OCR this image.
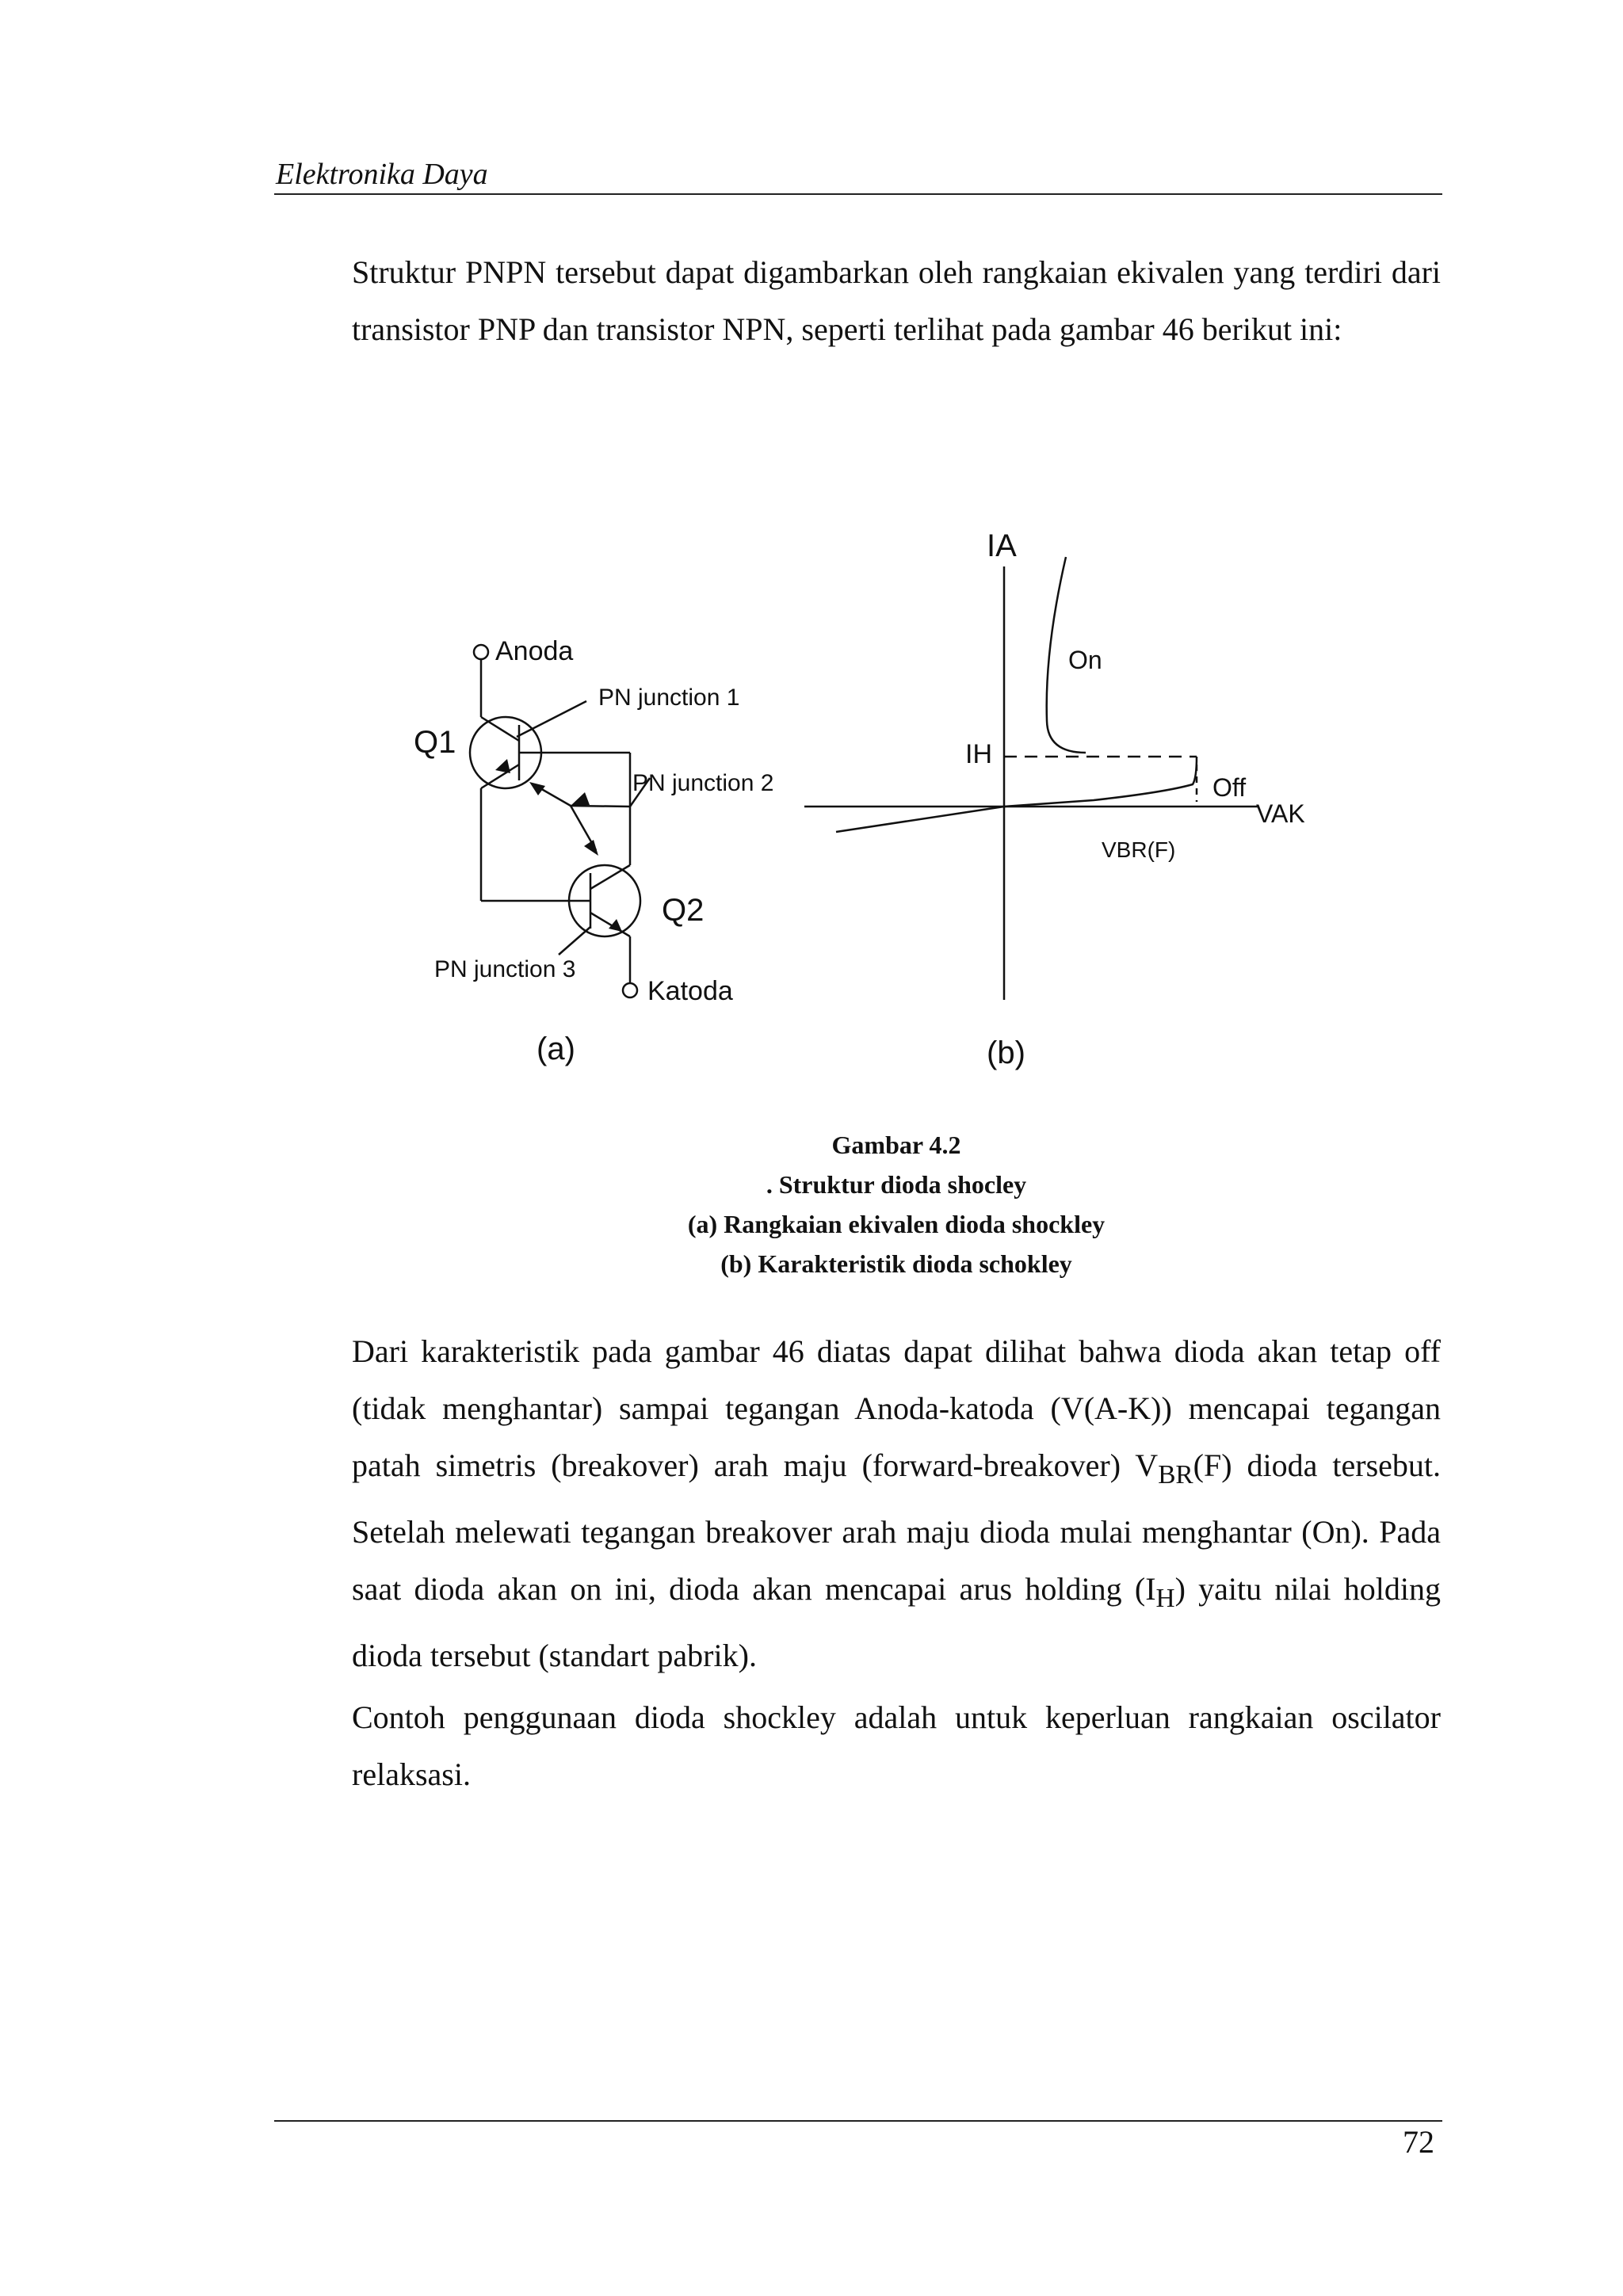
Elektronika Daya
Struktur PNPN tersebut dapat digambarkan oleh rangkaian ekivalen yang terdiri dari transistor PNP dan transistor NPN, seperti terlihat pada gambar 46 berikut ini:
Anoda
Q1
PN junction 1
PN junction 2
Q2
PN junction 3
Katoda
(a)
IA
On
IH
Off
VAK
VBR(F)
(b)
Gambar 4.2
. Struktur dioda shocley
(a) Rangkaian ekivalen dioda shockley
(b) Karakteristik dioda schokley
Dari karakteristik pada gambar 46 diatas dapat dilihat bahwa dioda akan tetap off (tidak menghantar) sampai tegangan Anoda-katoda (V(A-K)) mencapai tegangan patah simetris (breakover) arah maju (forward-breakover) $V_{BR}(F)$ dioda tersebut. Setelah melewati tegangan breakover arah maju dioda mulai menghantar (On). Pada saat dioda akan on ini, dioda akan mencapai arus holding $(I_H)$ yaitu nilai holding dioda tersebut (standart pabrik).
Contoh penggunaan dioda shockley adalah untuk keperluan rangkaian oscilator relaksasi.
72
